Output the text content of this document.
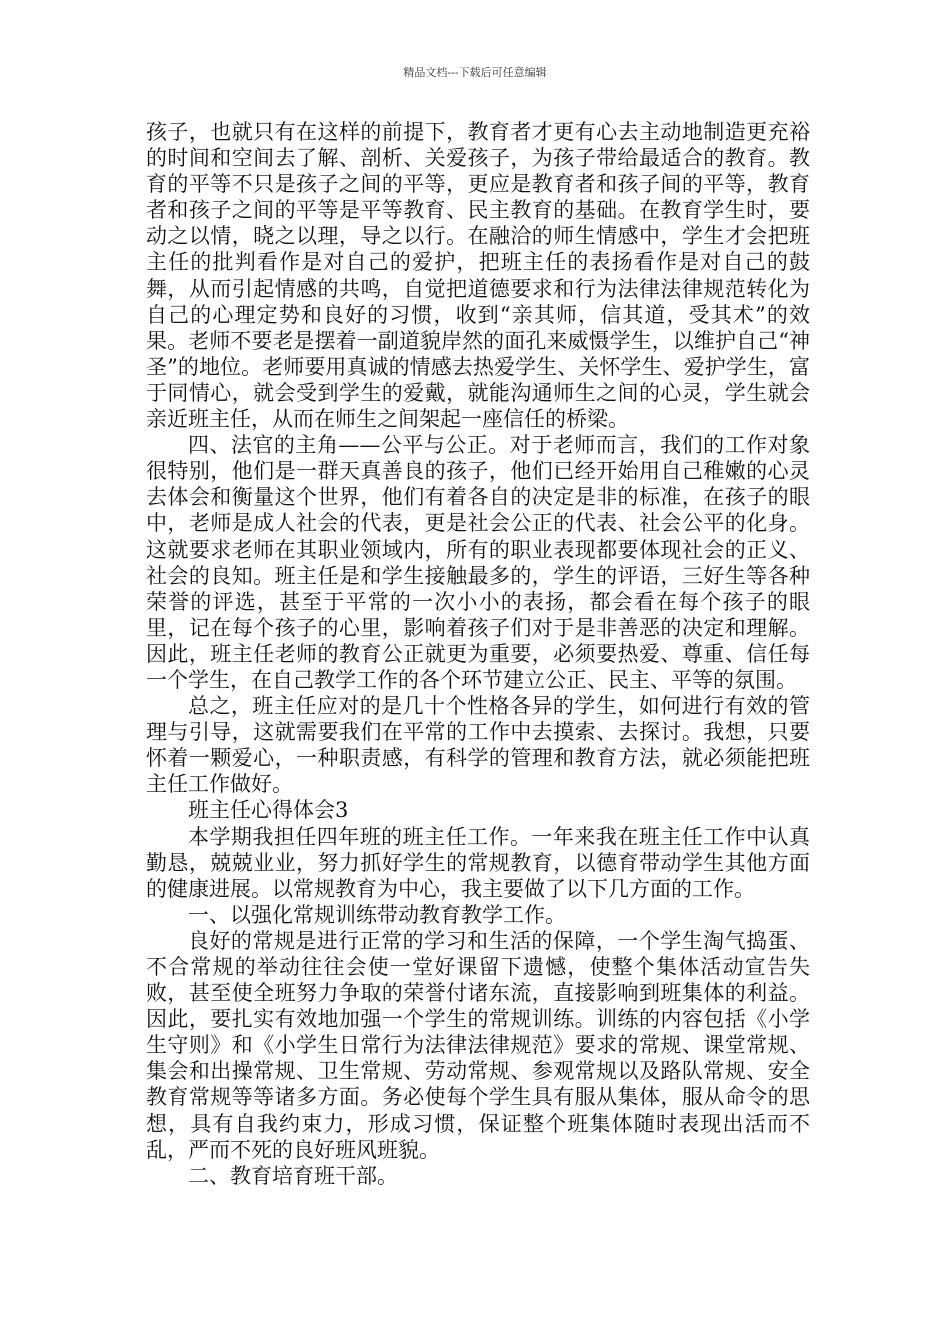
精品文档---下载后可任意编辑

孩子，也就只有在这样的前提下，教育者才更有心去主动地制造更充裕的时间和空间去了解、剖析、关爱孩子，为孩子带给最适合的教育。教育的平等不只是孩子之间的平等，更应是教育者和孩子间的平等，教育者和孩子之间的平等是平等教育、民主教育的基础。在教育学生时，要动之以情，晓之以理，导之以行。在融洽的师生情感中，学生才会把班主任的批判看作是对自己的爱护，把班主任的表扬看作是对自己的鼓舞，从而引起情感的共鸣，自觉把道德要求和行为法律法律规范转化为自己的心理定势和良好的习惯，收到“亲其师，信其道，受其术”的效果。老师不要老是摆着一副道貌岸然的面孔来威慑学生，以维护自己“神圣”的地位。老师要用真诚的情感去热爱学生、关怀学生、爱护学生，富于同情心，就会受到学生的爱戴，就能沟通师生之间的心灵，学生就会亲近班主任，从而在师生之间架起一座信任的桥梁。

四、法官的主角——公平与公正。对于老师而言，我们的工作对象很特别，他们是一群天真善良的孩子，他们已经开始用自己稚嫩的心灵去体会和衡量这个世界，他们有着各自的决定是非的标准，在孩子的眼中，老师是成人社会的代表，更是社会公正的代表、社会公平的化身。这就要求老师在其职业领域内，所有的职业表现都要体现社会的正义、社会的良知。班主任是和学生接触最多的，学生的评语，三好生等各种荣誉的评选，甚至于平常的一次小小的表扬，都会看在每个孩子的眼里，记在每个孩子的心里，影响着孩子们对于是非善恶的决定和理解。因此，班主任老师的教育公正就更为重要，必须要热爱、尊重、信任每一个学生，在自己教学工作的各个环节建立公正、民主、平等的氛围。

总之，班主任应对的是几十个性格各异的学生，如何进行有效的管理与引导，这就需要我们在平常的工作中去摸索、去探讨。我想，只要怀着一颗爱心，一种职责感，有科学的管理和教育方法，就必须能把班主任工作做好。

班主任心得体会3

本学期我担任四年班的班主任工作。一年来我在班主任工作中认真勤恳，兢兢业业，努力抓好学生的常规教育，以德育带动学生其他方面的健康进展。以常规教育为中心，我主要做了以下几方面的工作。

一、以强化常规训练带动教育教学工作。

良好的常规是进行正常的学习和生活的保障，一个学生淘气捣蛋、不合常规的举动往往会使一堂好课留下遗憾，使整个集体活动宣告失败，甚至使全班努力争取的荣誉付诸东流，直接影响到班集体的利益。因此，要扎实有效地加强一个学生的常规训练。训练的内容包括《小学生守则》和《小学生日常行为法律法律规范》要求的常规、课堂常规、集会和出操常规、卫生常规、劳动常规、参观常规以及路队常规、安全教育常规等等诸多方面。务必使每个学生具有服从集体，服从命令的思想，具有自我约束力，形成习惯，保证整个班集体随时表现出活而不乱，严而不死的良好班风班貌。

二、教育培育班干部。
